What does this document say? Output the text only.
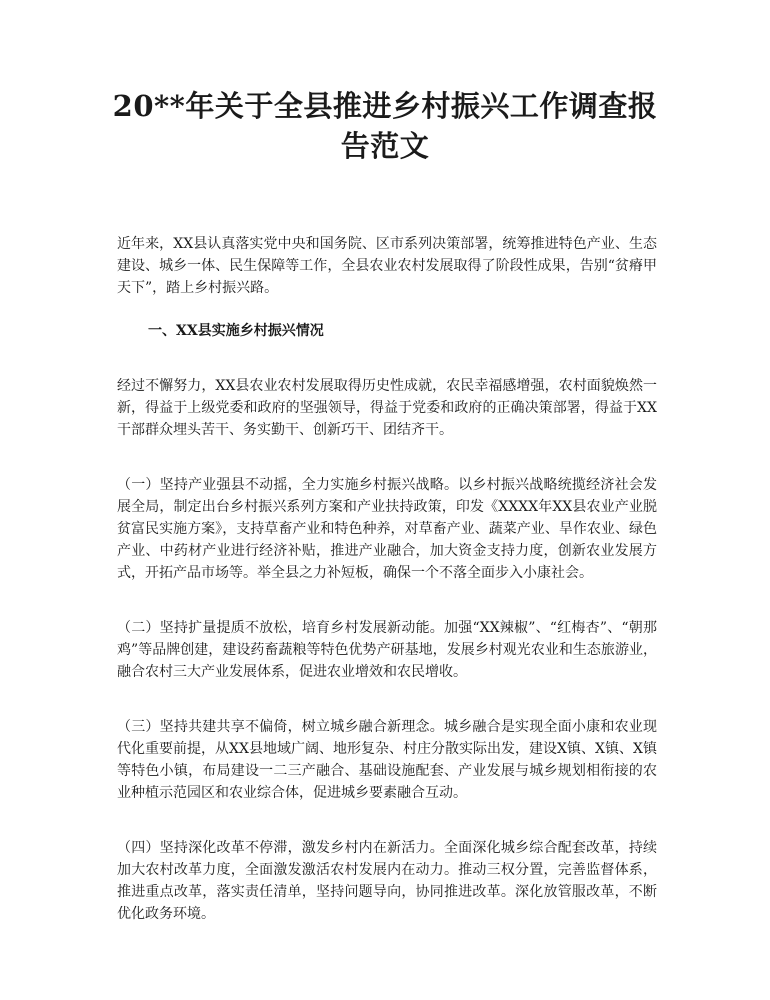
20**年关于全县推进乡村振兴工作调查报告范文

近年来，XX县认真落实党中央和国务院、区市系列决策部署，统筹推进特色产业、生态建设、城乡一体、民生保障等工作，全县农业农村发展取得了阶段性成果，告别“贫瘠甲天下”，踏上乡村振兴路。

一、XX县实施乡村振兴情况

经过不懈努力，XX县农业农村发展取得历史性成就，农民幸福感增强，农村面貌焕然一新，得益于上级党委和政府的坚强领导，得益于党委和政府的正确决策部署，得益于XX干部群众埋头苦干、务实勤干、创新巧干、团结齐干。

（一）坚持产业强县不动摇，全力实施乡村振兴战略。以乡村振兴战略统揽经济社会发展全局，制定出台乡村振兴系列方案和产业扶持政策，印发《XXXX年XX县农业产业脱贫富民实施方案》，支持草畜产业和特色种养，对草畜产业、蔬菜产业、旱作农业、绿色产业、中药材产业进行经济补贴，推进产业融合，加大资金支持力度，创新农业发展方式，开拓产品市场等。举全县之力补短板，确保一个不落全面步入小康社会。

（二）坚持扩量提质不放松，培育乡村发展新动能。加强“XX辣椒”、“红梅杏”、“朝那鸡”等品牌创建，建设药畜蔬粮等特色优势产研基地，发展乡村观光农业和生态旅游业，融合农村三大产业发展体系，促进农业增效和农民增收。

（三）坚持共建共享不偏倚，树立城乡融合新理念。城乡融合是实现全面小康和农业现代化重要前提，从XX县地域广阔、地形复杂、村庄分散实际出发，建设X镇、X镇、X镇等特色小镇，布局建设一二三产融合、基础设施配套、产业发展与城乡规划相衔接的农业种植示范园区和农业综合体，促进城乡要素融合互动。

（四）坚持深化改革不停滞，激发乡村内在新活力。全面深化城乡综合配套改革，持续加大农村改革力度，全面激发激活农村发展内在动力。推动三权分置，完善监督体系，推进重点改革，落实责任清单，坚持问题导向，协同推进改革。深化放管服改革，不断优化政务环境。
